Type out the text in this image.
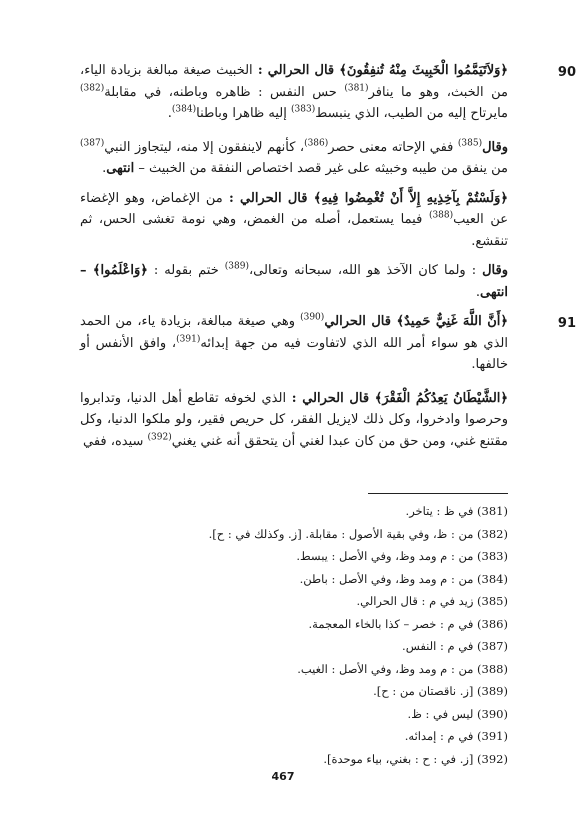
90
﴿وَلاَتَيَمَّمُوا الْخَبِيثَ مِنْهُ تُنفِقُونَ﴾ قال الحرالي : الخبيث صيغة مبالغة بزيادة الياء، من الخبث، وهو ما ينافر$^{(381)}$ حس النفس : ظاهره وباطنه، في مقابلة$^{(382)}$ مايرتاح إليه من الطيب، الذي ينبسط$^{(383)}$ إليه ظاهرا وباطنا$^{(384)}$.

وقال$^{(385)}$ ففي الإحاته معنى حصر$^{(386)}$، كأنهم لاينفقون إلا منه، ليتجاوز النبي$^{(387)}$ من ينفق من طيبه وخبيثه على غير قصد اختصاص النفقة من الخبيث – انتهى.

﴿وَلَسْتُمْ بِآخِذِيهِ إِلاَّ أَنْ تُغْمِضُوا فِيهِ﴾ قال الحرالي : من الإغماض، وهو الإغضاء عن العيب$^{(388)}$ فيما يستعمل، أصله من الغمض، وهي نومة تغشى الحس، ثم تنقشع.

وقال : ولما كان الآخذ هو الله، سبحانه وتعالى،$^{(389)}$ ختم بقوله : ﴿وَاعْلَمُوا﴾ – انتهى.

91
﴿أَنَّ اللَّهَ غَنِيٌّ حَمِيدٌ﴾ قال الحرالي$^{(390)}$ وهي صيغة مبالغة، بزيادة ياء، من الحمد الذي هو سواء أمر الله الذي لاتفاوت فيه من جهة إبدائه$^{(391)}$، وافق الأنفس أو خالفها.

﴿الشَّيْطَانُ يَعِدُكُمُ الْفَقْرَ﴾ قال الحرالي : الذي لخوفه تقاطع أهل الدنيا، وتدابروا وحرصوا وادخروا، وكل ذلك لايزيل الفقر، كل حريص فقير، ولو ملكوا الدنيا، وكل مقتنع غني، ومن حق من كان عبدا لغني أن يتحقق أنه غني يغني$^{(392)}$ سيده، ففي

(381) في ظ : يتاخر.
(382) من : ظ، وفي بقية الأصول : مقابلة. [ز. وكذلك في : ح].
(383) من : م ومد وظ، وفي الأصل : يبسط.
(384) من : م ومد وظ، وفي الأصل : باطن.
(385) زيد في م : قال الحرالي.
(386) في م : خصر – كذا بالخاء المعجمة.
(387) في م : النفس.
(388) من : م ومد وظ، وفي الأصل : الغيب.
(389) [ز. ناقصتان من : ح].
(390) ليس في : ظ.
(391) في م : إمدائه.
(392) [ز. في : ح : بغني، بياء موحدة].
467
